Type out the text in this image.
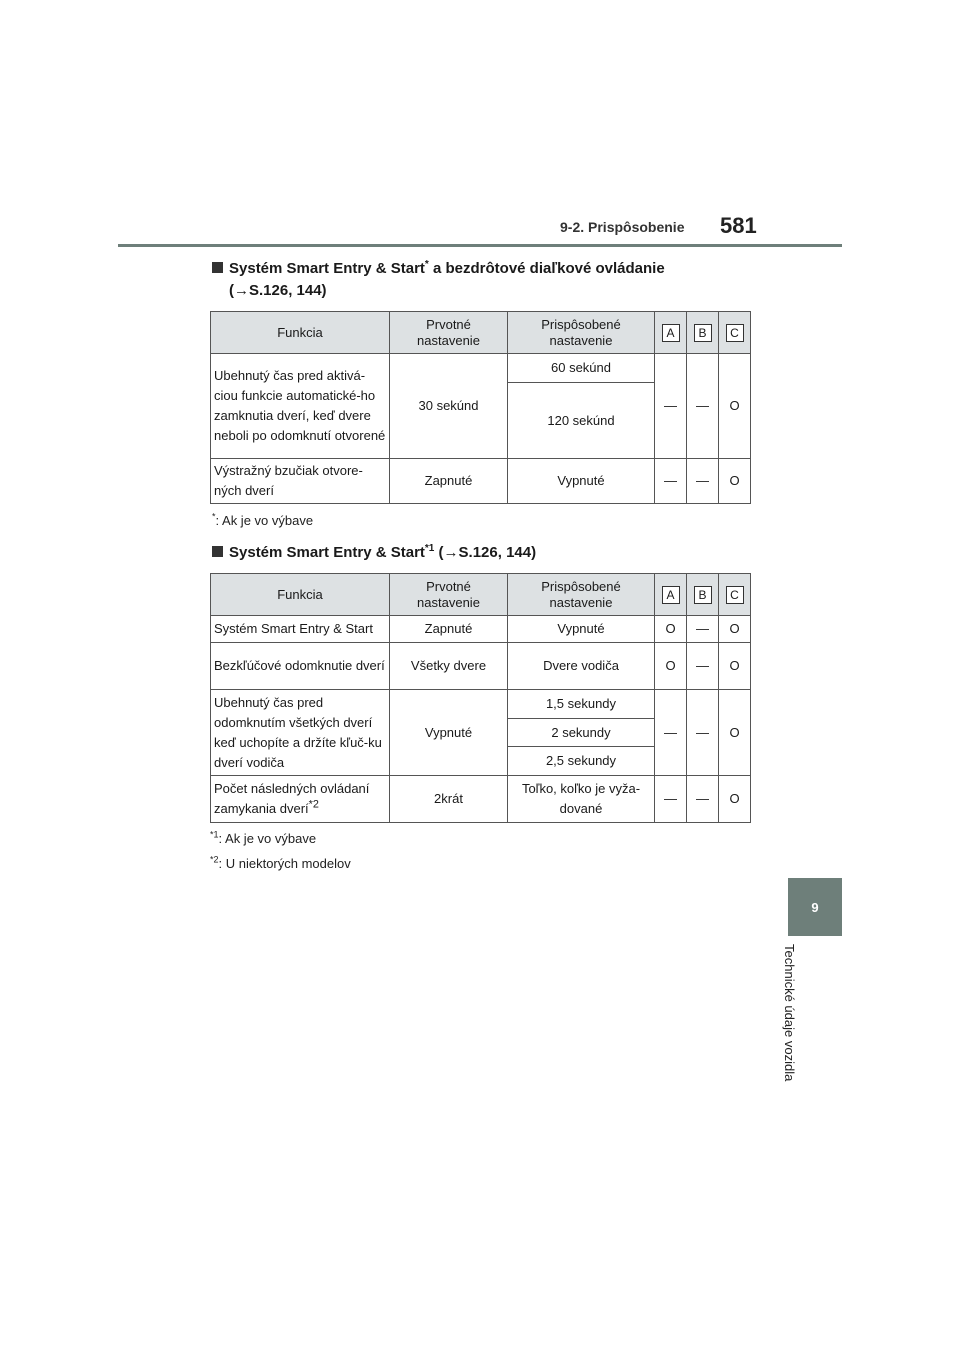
9-2. Prispôsobenie 581
9
Technické údaje vozidla
Systém Smart Entry & Start* a bezdrôtové diaľkové ovládanie
(→S.126, 144)
Funkcia	Prvotné nastavenie	Prispôsobené nastavenie	A	B	C
Ubehnutý čas pred aktivá-ciou funkcie automatické-ho zamknutia dverí, keď dvere neboli po odomknutí otvorené	30 sekúnd	60 sekúnd	—	—	O
		120 sekúnd			
Výstražný bzučiak otvore-ných dverí	Zapnuté	Vypnuté	—	—	O
*: Ak je vo výbave
Systém Smart Entry & Start$^{*1}$ (→S.126, 144)
Funkcia	Prvotné nastavenie	Prispôsobené nastavenie	A	B	C
Systém Smart Entry & Start	Zapnuté	Vypnuté	O	—	O
Bezkľúčové odomknutie dverí	Všetky dvere	Dvere vodiča	O	—	O
Ubehnutý čas pred odomknutím všetkých dverí keď uchopíte a držíte kľuč-ku dverí vodiča	Vypnuté	1,5 sekundy	—	—	O
		2 sekundy			
		2,5 sekundy			
Počet následných ovládaní zamykania dverí$^{*2}$	2krát	Toľko, koľko je vyža-dované	—	—	O
$^{*1}$: Ak je vo výbave
$^{*2}$: U niektorých modelov
